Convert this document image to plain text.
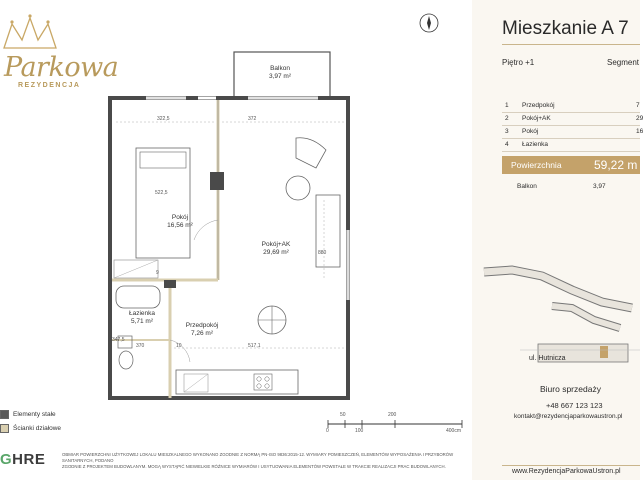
Parkowa
REZYDENCJA
Balkon
3,97 m²
Pokój
16,56 m²
Pokój+AK
29,69 m²
Łazienka
5,71 m²
Przedpokój
7,26 m²
322,5	372
522,5
880
517,1
370	10
347,5
9
Elementy stałe
Ścianki działowe
50	200
0	100	400cm
GHRE	OBMIAR POWIERZCHNI UŻYTKOWEJ LOKALU MIESZKALNEGO WYKONANO ZGODNIE Z NORMĄ PN-ISO 9836:2015-12. WYMIARY POMIESZCZEŃ, ELEMENTÓW WYPOSAŻENIA I PRZYBORÓW SANITARNYCH, PODANO
ZGODNIE Z PROJEKTEM BUDOWLANYM. MOGĄ WYSTĄPIĆ NIEWIELKIE RÓŻNICE WYMIARÓW I USYTUOWANIA ELEMENTÓW POWSTAŁE W TRAKCIE REALIZACJI PRAC BUDOWLANYCH.
Mieszkanie A 7
Piętro +1	Segment
1 Przedpokój	7
2 Pokój+AK	29
3 Pokój	16
4 Łazienka
Powierzchnia	59,22 m
Balkon	3,97
ul. Hutnicza
Biuro sprzedaży
+48 667 123 123
kontakt@rezydencjaparkowaustron.pl
www.RezydencjaParkowaUstron.pl
